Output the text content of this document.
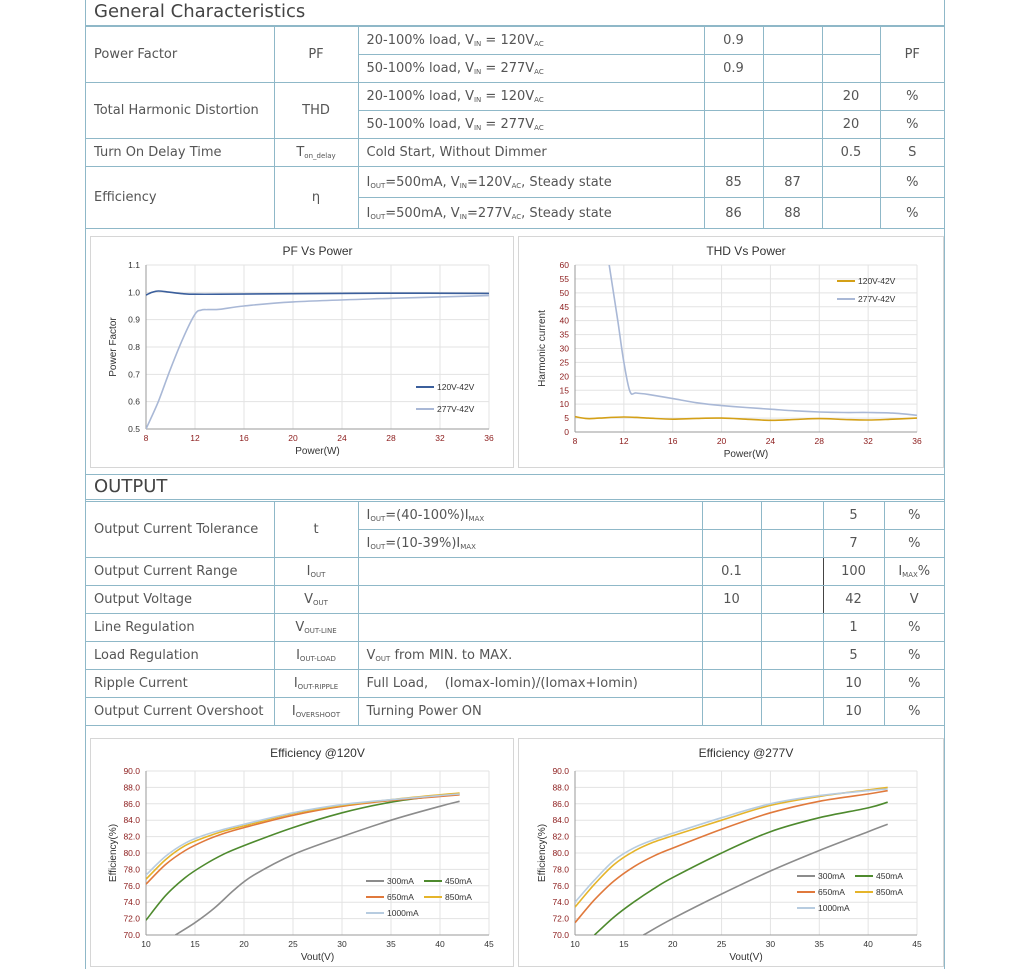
General Characteristics
Power Factor	PF	20-100% load, $V_{IN} = 120V_{AC}$	0.9			PF
		50-100% load, $V_{IN} = 277V_{AC}$	0.9			
Total Harmonic Distortion	THD	20-100% load, $V_{IN} = 120V_{AC}$			20	%
		50-100% load, $V_{IN} = 277V_{AC}$			20	%
Turn On Delay Time	$T_{on\_delay}$	Cold Start, Without Dimmer			0.5	S
Efficiency	η	$I_{OUT}=500mA$, $V_{IN}=120V_{AC}$, Steady state	85	87		%
		$I_{OUT}=500mA$, $V_{IN}=277V_{AC}$, Steady state	86	88		%
PF Vs Power
0.5
0.6
0.7
0.8
0.9
1.0
1.1
8	12	16	20	24	28	32	36
Power(W)
Power Factor
120V-42V
277V-42V
THD Vs Power
0
5
10
15
20
25
30
35
40
45
50
55
60
8	12	16	20	24	28	32	36
Power(W)
Harmonic current
120V-42V
277V-42V
OUTPUT
Output Current Tolerance	t	$I_{OUT}=(40-100\%)I_{MAX}$			5	%
		$I_{OUT}=(10-39\%)I_{MAX}$			7	%
Output Current Range	$I_{OUT}$		0.1		100	$I_{MAX}\%$
Output Voltage	$V_{OUT}$		10		42	V
Line Regulation	$V_{OUT-LINE}$				1	%
Load Regulation	$I_{OUT-LOAD}$	$V_{OUT}$ from MIN. to MAX.			5	%
Ripple Current	$I_{OUT-RIPPLE}$	Full Load,    (Iomax-Iomin)/(Iomax+Iomin)			10	%
Output Current Overshoot	$I_{OVERSHOOT}$	Turning Power ON			10	%
Efficiency @120V
70.0
72.0
74.0
76.0
78.0
80.0
82.0
84.0
86.0
88.0
90.0
10	15	20	25	30	35	40	45
Vout(V)
Efficiency(%)	300mA	450mA
650mA	850mA
1000mA
Efficiency @277V
70.0
72.0
74.0
76.0
78.0
80.0
82.0
84.0
86.0
88.0
90.0
10	15	20	25	30	35	40	45
Vout(V)
Efficiency(%)	300mA	450mA
650mA	850mA
1000mA
